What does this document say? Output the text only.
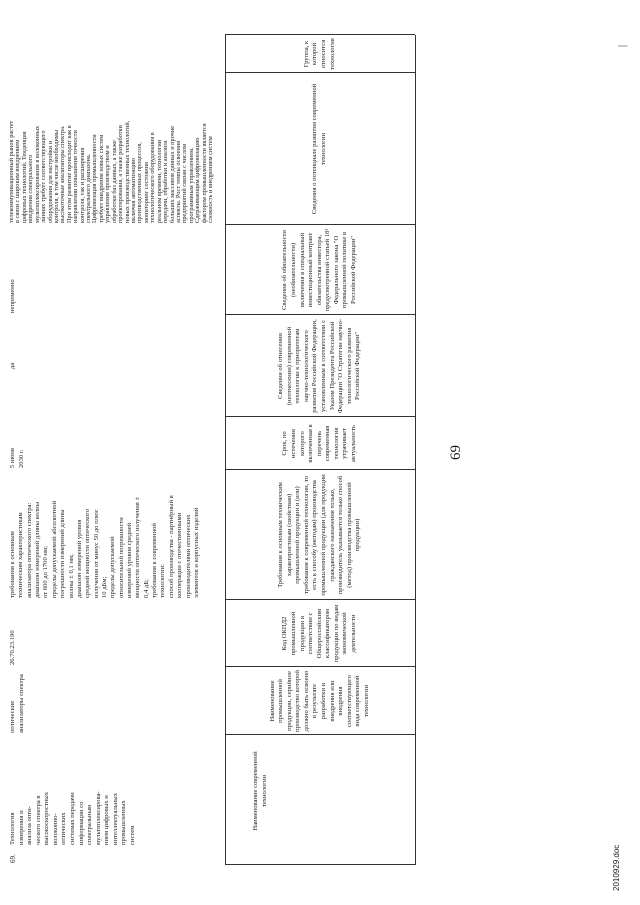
69
2010929.doc
|
Наименование современной технологии
Наименование промышленной продукции, серийное производство которой должно быть освоено в результате разработки и внедрения или внедрения соответствующего вида современной технологии
Код ОКПД2 промышленной продукции в соответствии с Общероссийским классификатором продукции по видам экономической деятельности
Требования к основным техническим характеристикам (свойствам) промышленной продукции и (или) требования к современной технологии, то есть к способу (методам) производства промышленной продукции (для продукции гражданского назначения только, производитель указывается только способ (метод) производства промышленной продукции)
Срок, по истечении которого включенная в перечень современная технология утрачивает актуальность
Сведения об отнесении (неотнесении) современной технологии к приоритетам научно-технологического развития Российской Федерации, установленным в соответствии с Указом Президента Российской Федерации "О Стратегии научно-технологического развития Российской Федерации"
Сведения об обязательности (необязательности) включения в специальный инвестиционный контракт обязательства инвестора, предусмотренной статьей 18¹ Федерального закона "О промышленной политике в Российской Федерации"
Сведения о потенциале развития современной технологии
Группа, к которой относится технология
69.
Технология измерения и анализа опти- ческого спектра в высокоскоростных волоконно- оптических системах передачи информации со спектральным мультиплексирова- нием цифровых и интеллектуальных промышленных систем
оптические анализаторы спектра
26.70.23.190
требования к основным техническим характеристикам анализатора оптического спектра: диапазон измерений длины волны от 600 до 1700 нм; пределы допускаемой абсолютной погрешности измерений длины волны ± 0,1 нм; диапазон измерений уровня средней мощности оптического излучения от минус 50 до плюс 10 дБм; пределы допускаемой относительной погрешности измерений уровня средней мощности оптического излучения ± 0,4 дБ; требования к современной технологии: способ производства - партнёрный в кооперации с отечественными производителями оптических элементов и корпусных изделий
5 июня 2030 г.
да
непременно
телекоммуникационный рынок растет в связи с широким внедрением цифровых технологий. Тенденция внедрения спектрального мультиплексирования в волоконных линиях требует соответствующего оборудования для настройки и контроля, в том числе необходимы высокоточные анализаторы спектра. При этом развитие происходит как в направлении повышения точности контроля, так и расширения спектрального диапазона. Цифровизация промышленности требует внедрения новых систем управления производством и обработки баз данных, а также проектирования, а также разработки новых производственных технологий, включая автоматизацию производственных процессов, мониторинг состояния технологического оборудования в реальном времени, технологии передачи, обработки и анализа больших массивов данных и прочие аспекты. Рост темпы освоения предприятий связан с числом программным управлением. Сдерживающим цифровизацию фактором промышленности является сложность и внедрением систем
